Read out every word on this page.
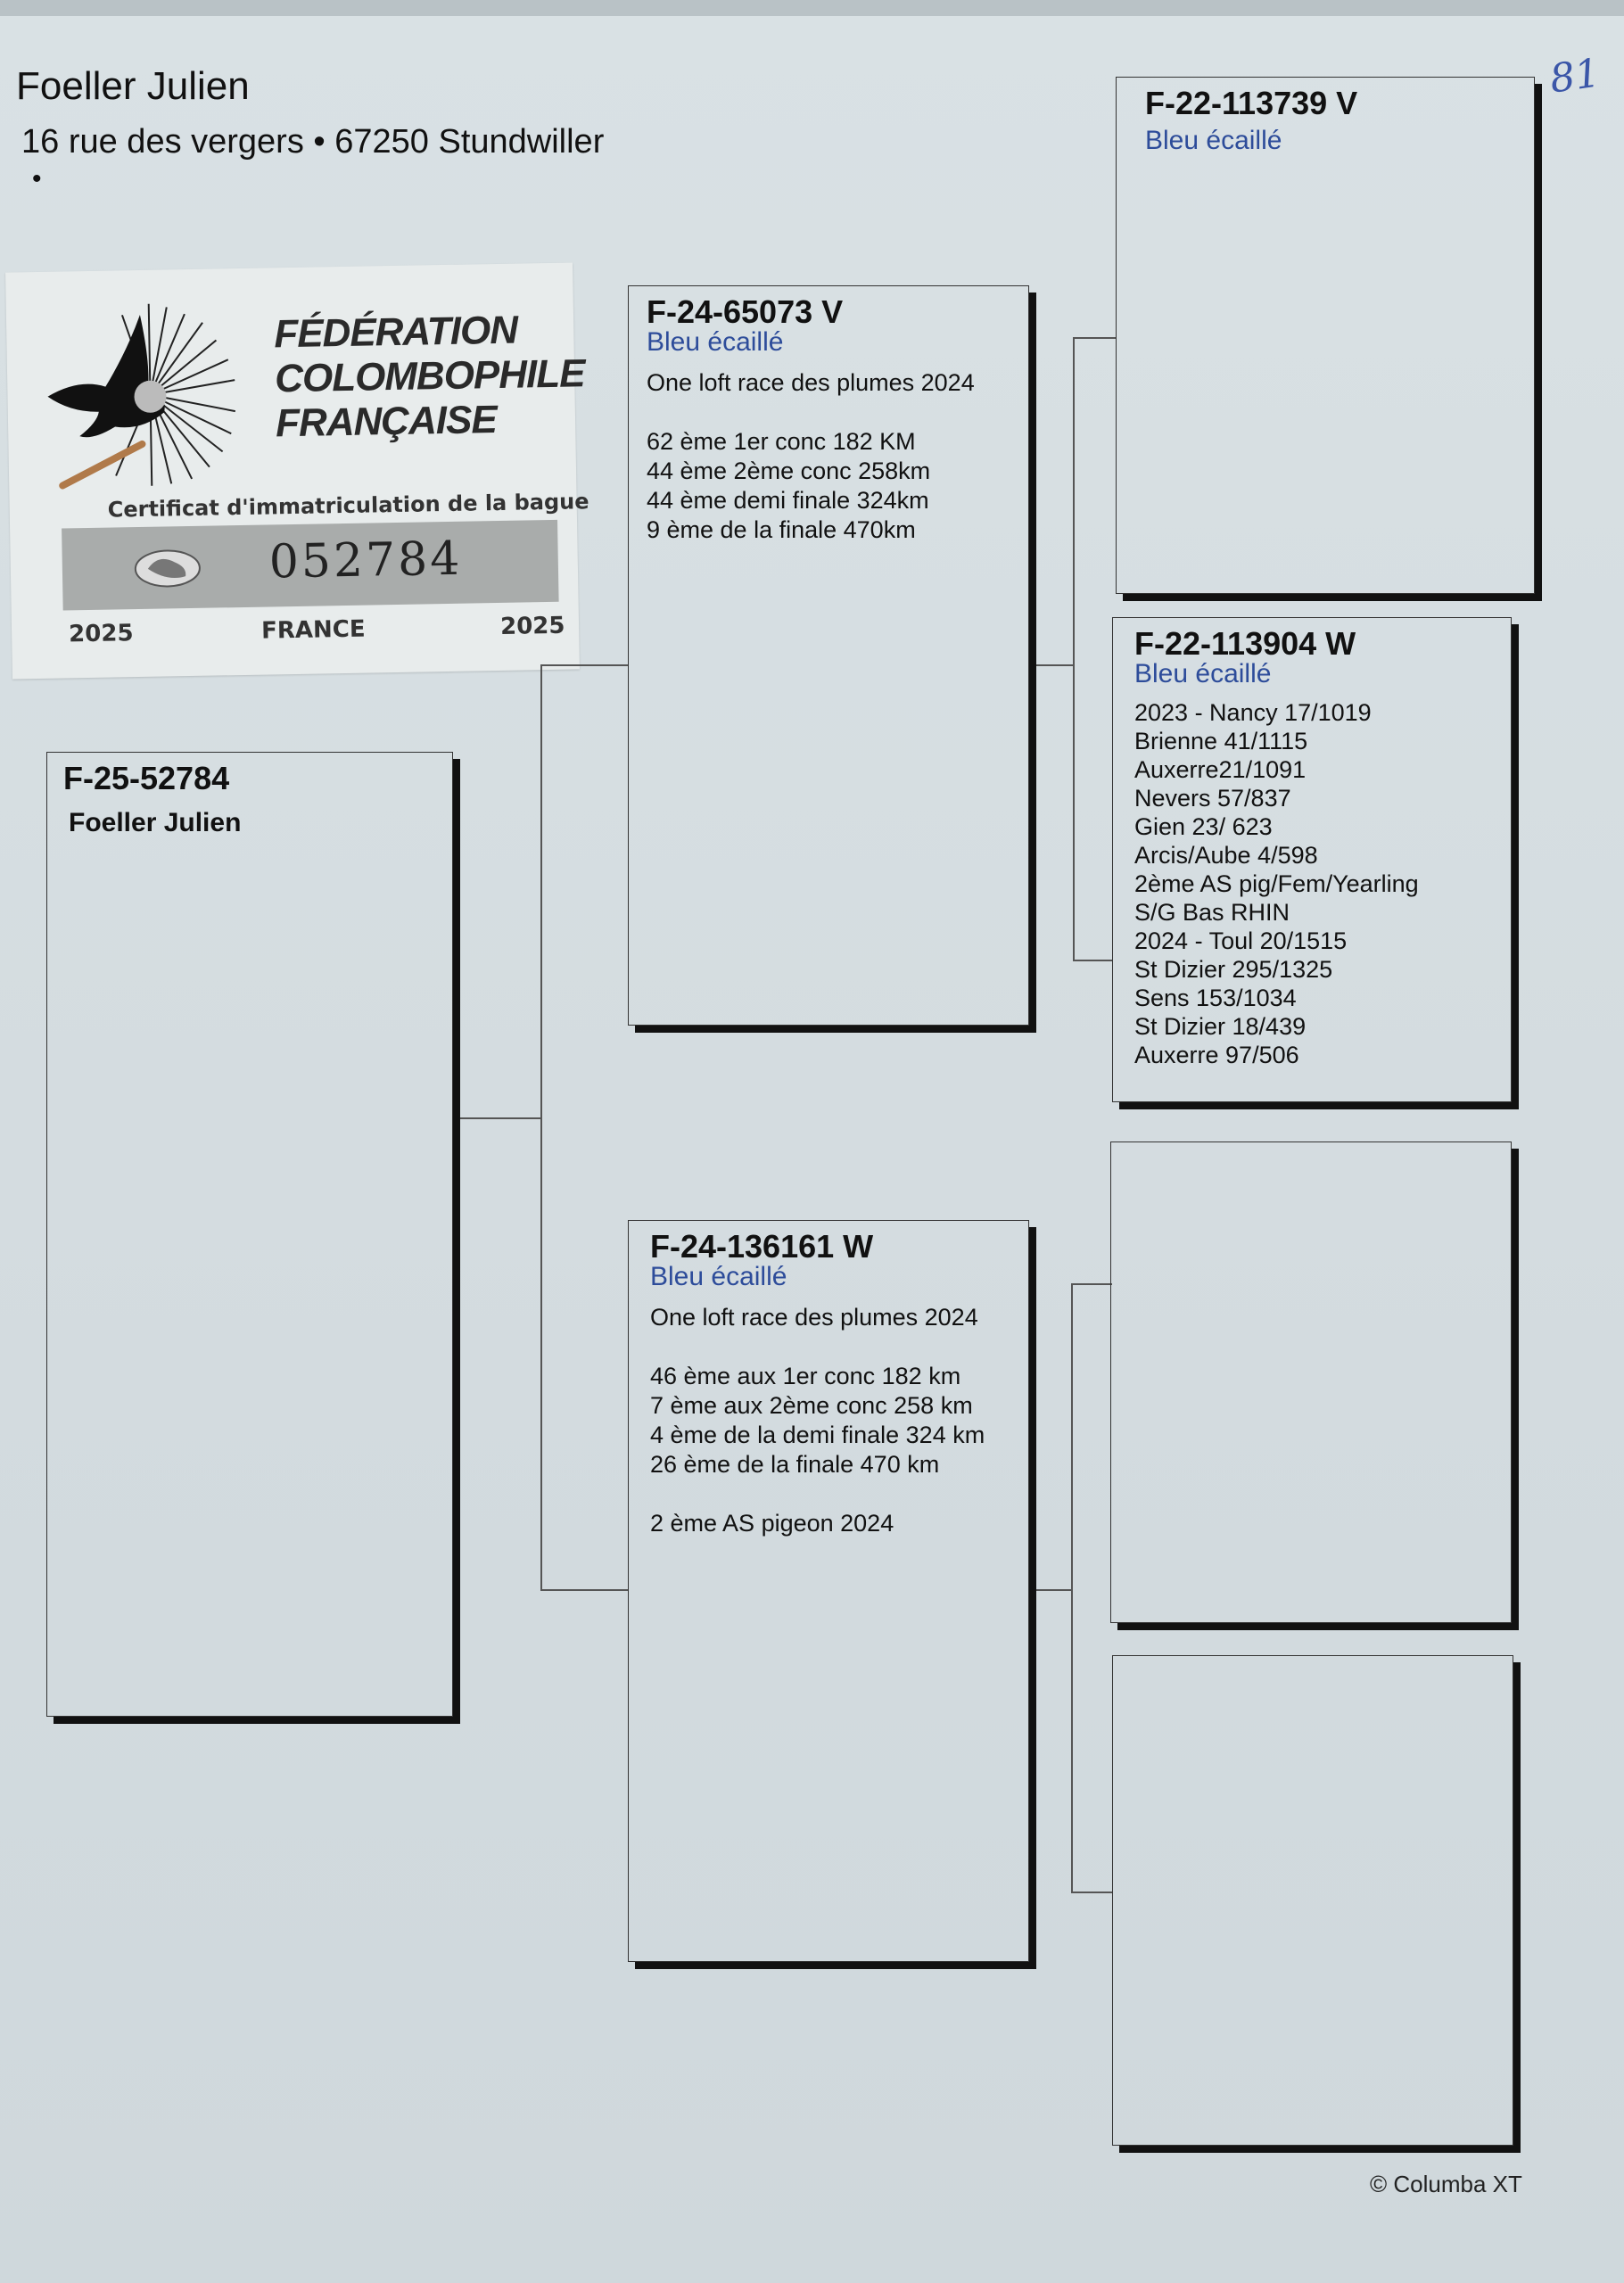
Foeller Julien
16 rue des vergers • 67250 Stundwiller
•
81
FÉDÉRATION
COLOMBOPHILE
FRANÇAISE
Certificat d'immatriculation de la bague
052784
2025	FRANCE	2025
F-25-52784
Foeller Julien
F-24-65073 V
Bleu écaillé
One loft race des plumes 2024

62 ème 1er conc 182 KM
44 ème 2ème conc 258km
44 ème demi finale 324km
9 ème de la finale 470km
F-24-136161 W
Bleu écaillé
One loft race des plumes 2024

46 ème aux 1er conc 182 km
7 ème aux 2ème conc 258 km
4 ème de la demi finale 324 km
26 ème de la finale 470 km

2 ème AS pigeon 2024
F-22-113739 V
Bleu écaillé
F-22-113904 W
Bleu écaillé
2023 - Nancy 17/1019
Brienne 41/1115
Auxerre21/1091
Nevers 57/837
Gien 23/ 623
Arcis/Aube 4/598
2ème AS pig/Fem/Yearling
S/G Bas RHIN
2024 - Toul 20/1515
St Dizier 295/1325
Sens 153/1034
St Dizier 18/439
Auxerre 97/506
© Columba XT
